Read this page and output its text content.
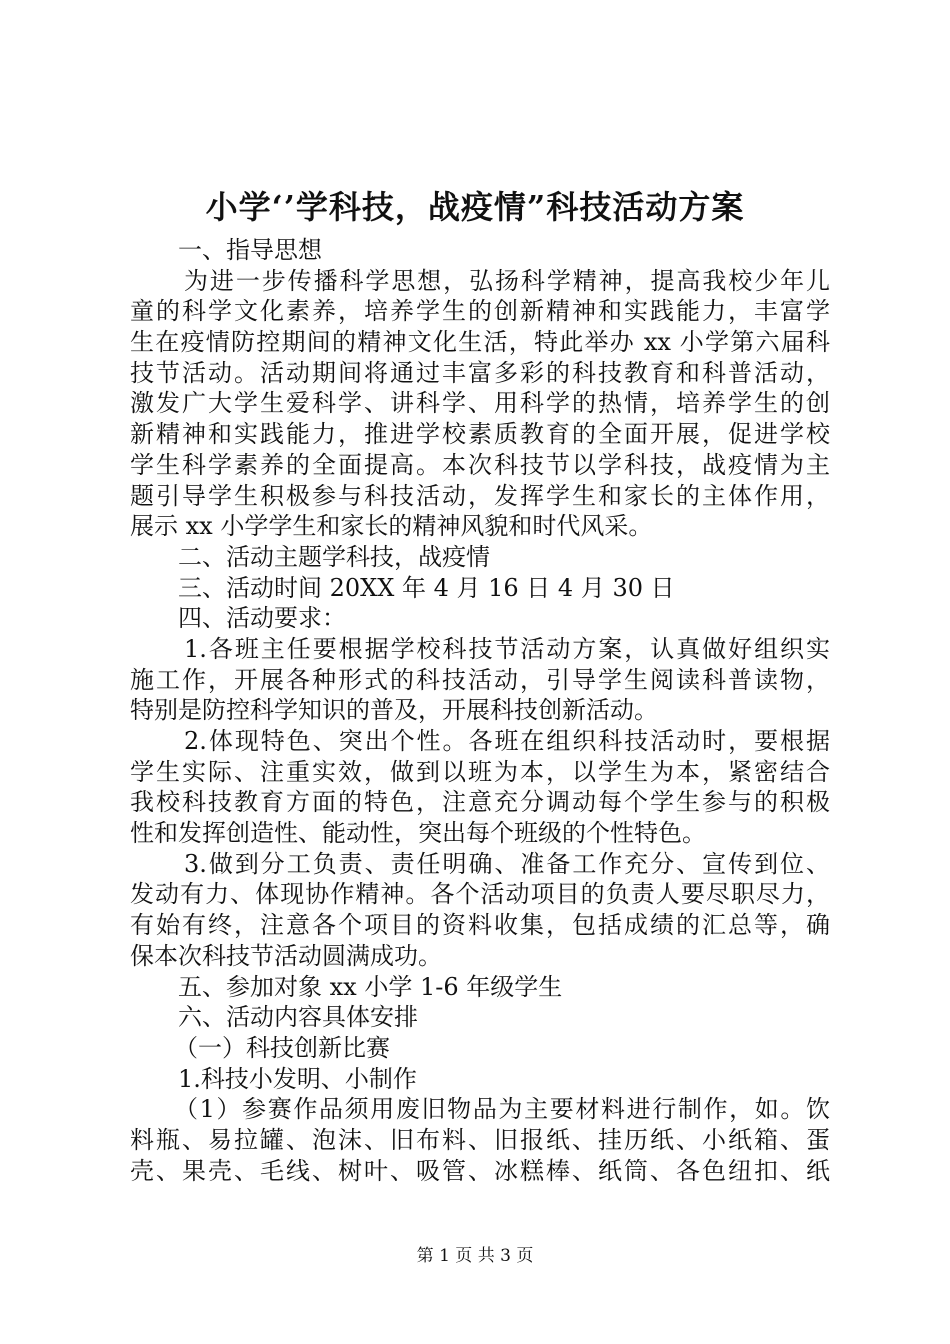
小学‘’学科技，战疫情”科技活动方案
一、指导思想
为进一步传播科学思想，弘扬科学精神，提高我校少年儿
童的科学文化素养，培养学生的创新精神和实践能力，丰富学
生在疫情防控期间的精神文化生活，特此举办 xx 小学第六届科
技节活动。活动期间将通过丰富多彩的科技教育和科普活动，
激发广大学生爱科学、讲科学、用科学的热情，培养学生的创
新精神和实践能力，推进学校素质教育的全面开展，促进学校
学生科学素养的全面提高。本次科技节以学科技，战疫情为主
题引导学生积极参与科技活动，发挥学生和家长的主体作用，
展示 xx 小学学生和家长的精神风貌和时代风采。
二、活动主题学科技，战疫情
三、活动时间 20XX 年 4 月 16 日 4 月 30 日
四、活动要求：
1.各班主任要根据学校科技节活动方案，认真做好组织实
施工作，开展各种形式的科技活动，引导学生阅读科普读物，
特别是防控科学知识的普及，开展科技创新活动。
2.体现特色、突出个性。各班在组织科技活动时，要根据
学生实际、注重实效，做到以班为本，以学生为本，紧密结合
我校科技教育方面的特色，注意充分调动每个学生参与的积极
性和发挥创造性、能动性，突出每个班级的个性特色。
3.做到分工负责、责任明确、准备工作充分、宣传到位、
发动有力、体现协作精神。各个活动项目的负责人要尽职尽力，
有始有终，注意各个项目的资料收集，包括成绩的汇总等，确
保本次科技节活动圆满成功。
五、参加对象 xx 小学 1-6 年级学生
六、活动内容具体安排
（一）科技创新比赛
1.科技小发明、小制作
（1）参赛作品须用废旧物品为主要材料进行制作，如。饮
料瓶、易拉罐、泡沫、旧布料、旧报纸、挂历纸、小纸箱、蛋
壳、果壳、毛线、树叶、吸管、冰糕棒、纸筒、各色纽扣、纸
第 1 页 共 3 页
